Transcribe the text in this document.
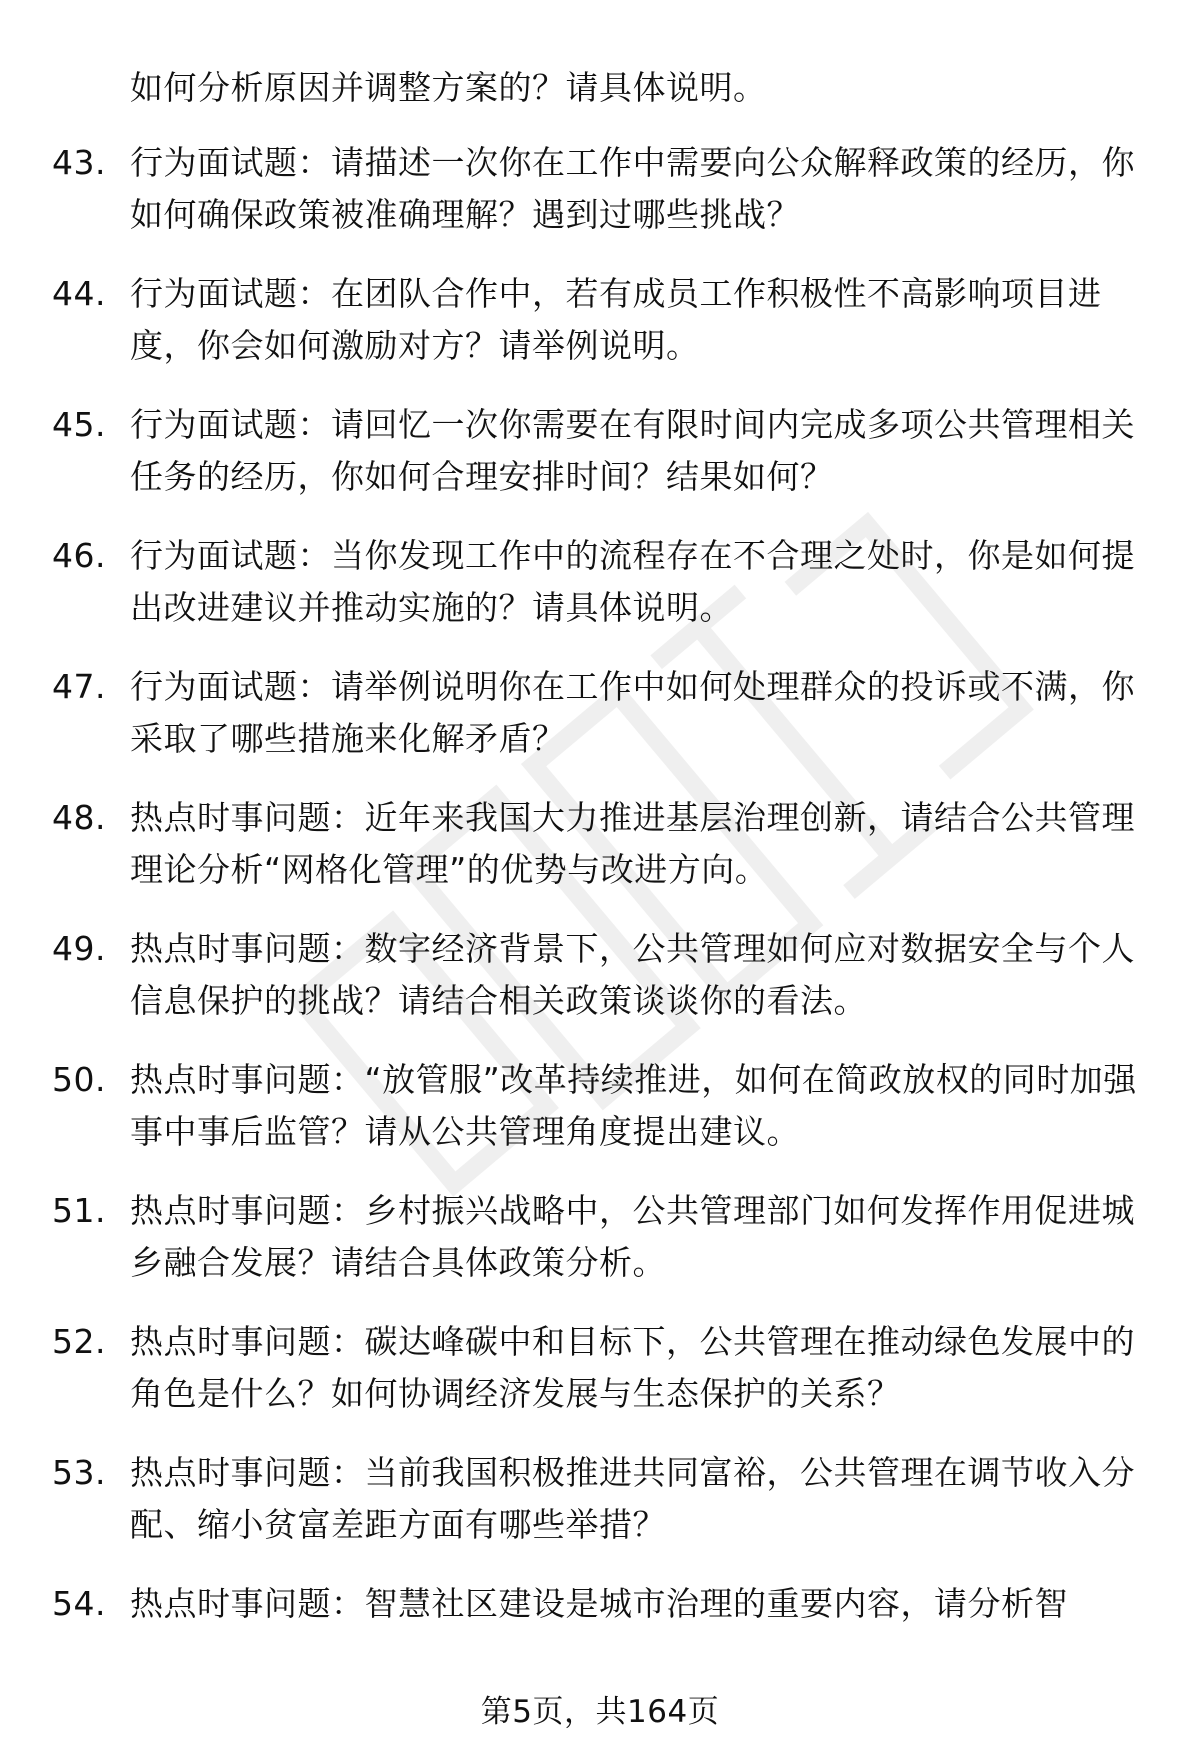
如何分析原因并调整方案的？请具体说明。
43. 行为面试题：请描述一次你在工作中需要向公众解释政策的经历，你如何确保政策被准确理解？遇到过哪些挑战？
44. 行为面试题：在团队合作中，若有成员工作积极性不高影响项目进度，你会如何激励对方？请举例说明。
45. 行为面试题：请回忆一次你需要在有限时间内完成多项公共管理相关任务的经历，你如何合理安排时间？结果如何？
46. 行为面试题：当你发现工作中的流程存在不合理之处时，你是如何提出改进建议并推动实施的？请具体说明。
47. 行为面试题：请举例说明你在工作中如何处理群众的投诉或不满，你采取了哪些措施来化解矛盾？
48. 热点时事问题：近年来我国大力推进基层治理创新，请结合公共管理理论分析“网格化管理”的优势与改进方向。
49. 热点时事问题：数字经济背景下，公共管理如何应对数据安全与个人信息保护的挑战？请结合相关政策谈谈你的看法。
50. 热点时事问题：“放管服”改革持续推进，如何在简政放权的同时加强事中事后监管？请从公共管理角度提出建议。
51. 热点时事问题：乡村振兴战略中，公共管理部门如何发挥作用促进城乡融合发展？请结合具体政策分析。
52. 热点时事问题：碳达峰碳中和目标下，公共管理在推动绿色发展中的角色是什么？如何协调经济发展与生态保护的关系？
53. 热点时事问题：当前我国积极推进共同富裕，公共管理在调节收入分配、缩小贫富差距方面有哪些举措？
54. 热点时事问题：智慧社区建设是城市治理的重要内容，请分析智
第5页，共164页
